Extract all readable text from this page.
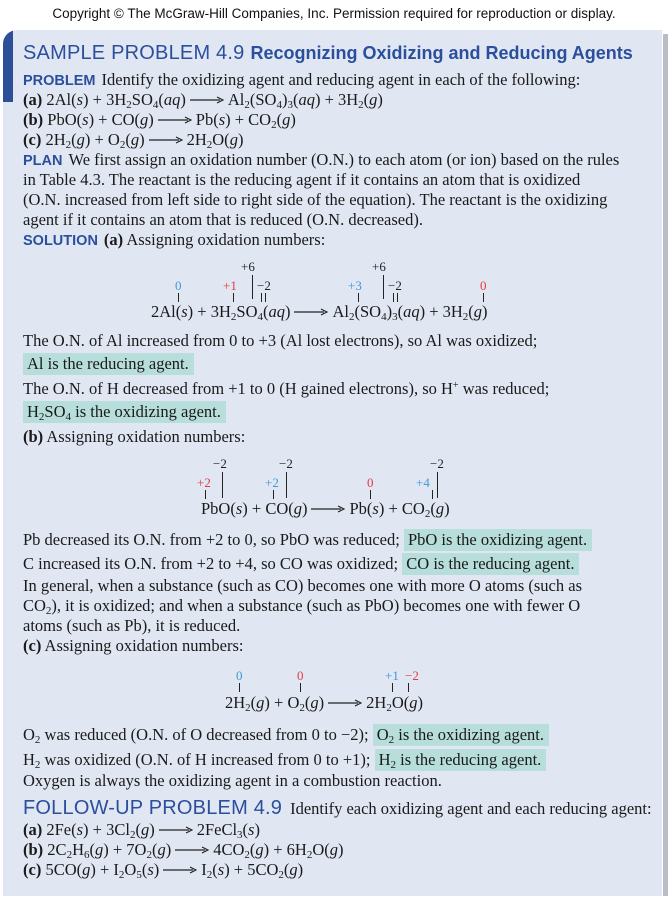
Copyright © The McGraw-Hill Companies, Inc. Permission required for reproduction or display.
SAMPLE PROBLEM 4.9 Recognizing Oxidizing and Reducing Agents
PROBLEM Identify the oxidizing agent and reducing agent in each of the following:
(a) $2Al(s) + 3H_2SO_4(aq) \to Al_2(SO_4)_3(aq) + 3H_2(g)$
(b) $PbO(s) + CO(g) \to Pb(s) + CO_2(g)$
(c) $2H_2(g) + O_2(g) \to 2H_2O(g)$
PLAN We first assign an oxidation number (O.N.) to each atom (or ion) based on the rules
in Table 4.3. The reactant is the reducing agent if it contains an atom that is oxidized
(O.N. increased from left side to right side of the equation). The reactant is the oxidizing
agent if it contains an atom that is reduced (O.N. decreased).
SOLUTION (a) Assigning oxidation numbers:
+6	+6
0	+1 −2	+3 −2	0
$2Al(s) + 3H_2SO_4(aq) \to Al_2(SO_4)_3(aq) + 3H_2(g)$
The O.N. of Al increased from 0 to +3 (Al lost electrons), so Al was oxidized;
Al is the reducing agent.
The O.N. of H decreased from +1 to 0 (H gained electrons), so H+ was reduced;
$H_2SO_4$ is the oxidizing agent.
(b) Assigning oxidation numbers:
−2	−2	−2
+2	+2	0	+4
$PbO(s) + CO(g) \to Pb(s) + CO_2(g)$
Pb decreased its O.N. from +2 to 0, so PbO was reduced; PbO is the oxidizing agent.
C increased its O.N. from +2 to +4, so CO was oxidized; CO is the reducing agent.
In general, when a substance (such as CO) becomes one with more O atoms (such as
$CO_2$), it is oxidized; and when a substance (such as PbO) becomes one with fewer O
atoms (such as Pb), it is reduced.
(c) Assigning oxidation numbers:
0	0	+1 −2
$2H_2(g) + O_2(g) \to 2H_2O(g)$
$O_2$ was reduced (O.N. of O decreased from 0 to −2); $O_2$ is the oxidizing agent.
$H_2$ was oxidized (O.N. of H increased from 0 to +1); $H_2$ is the reducing agent.
Oxygen is always the oxidizing agent in a combustion reaction.
FOLLOW-UP PROBLEM 4.9 Identify each oxidizing agent and each reducing agent:
(a) $2Fe(s) + 3Cl_2(g)$ → 2FeCl$_3$(s)
(b) $2C_2H_6(g) + 7O_2(g) \to 4CO_2(g) + 6H_2O(g)$
(c) $5CO(g) + I_2O_5(s) \to I_2(s) + 5CO_2(g)$
